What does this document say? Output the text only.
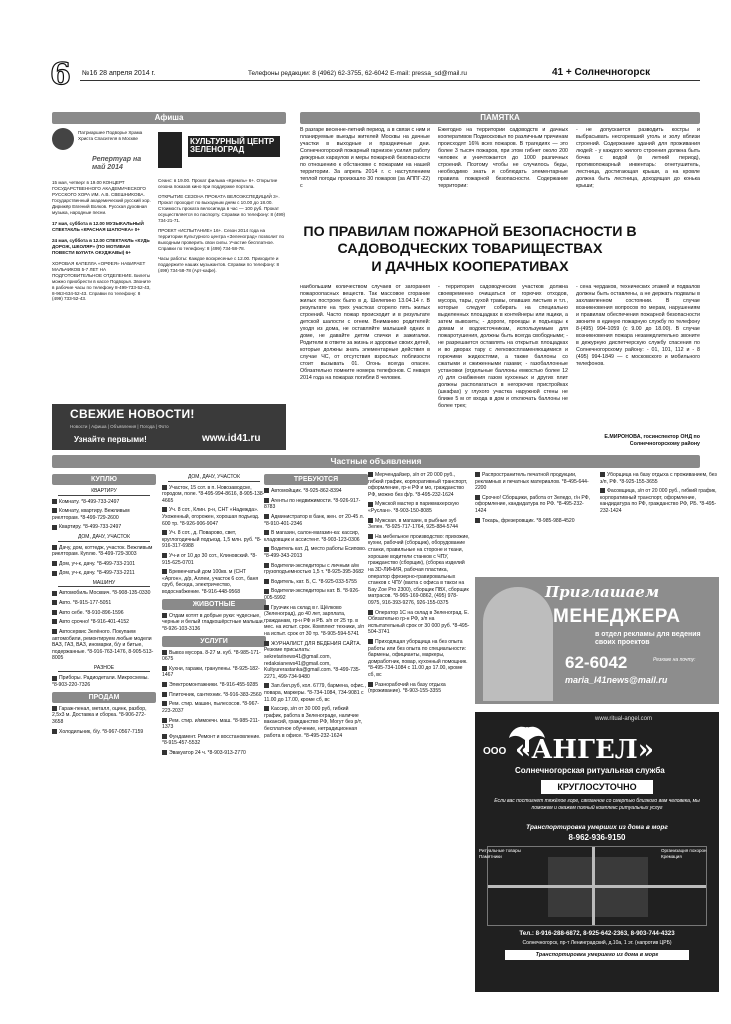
6 №16 28 апреля 2014 г.	Телефоны редакции: 8 (4962) 62-3755, 62-6042 E-mail: pressa_sd@mail.ru	41 + Солнечногорск
Афиша
Патриаршее Подворье Храма Христа Спасителя в Москве
Репертуар на май 2014

15 мая, четверг в 19.00 КОНЦЕРТ ГОСУДАРСТВЕННОГО АКАДЕМИЧЕСКОГО РУССКОГО ХОРА ИМ. А.В. СВЕШНИКОВА. Государственный академический русский хор. Дирижёр Евгений Волков. Русская духовная музыка, народные песни.

17 мая, суббота в 12.00 МУЗЫКАЛЬНЫЙ СПЕКТАКЛЬ «КРАСНАЯ ШАПОЧКА» 0+

24 мая, суббота в 12.00 СПЕКТАКЛЬ «КУДЬ ДОРОЖ, ШКОЛЯР» (ПО МОТИВАМ ПОВЕСТИ БУЛАТА ОКУДЖАВЫ) 6+

ХОРОВАЯ КАПЕЛЛА «ОРФЕЯ» НАБИРАЕТ МАЛЬЧИКОВ 5-7 ЛЕТ НА ПОДГОТОВИТЕЛЬНОЕ ОТДЕЛЕНИЕ. Билеты можно приобрести в кассе Подворья. Звоните в рабочие часы по телефону 8-499-733-52-43, 8-963-634-52-43. Справки по телефону: 8 (499) 733-52-43.

КУЛЬТУРНЫЙ ЦЕНТР ЗЕЛЕНОГРАД

Сеанс: в 19.00. Прокат фильма «Кремль» 6+. Открытие сезона показов кино при поддержке портала.

ОТКРЫТИЕ СЕЗОНА ПРОКАТА ВЕЛОЭКСПЕДИЦИЙ 3+. Прокат проходит по выходным дням с 10.00 до 18.00. Стоимость прокатa велосипеда в час — 100 руб. Прокат осуществляется по паспорту. Справки по телефону: 8 (499) 734-21-71.

ПРОЕКТ «ИСПЫТАНИЕ» 16+. Сезон 2014 года на территории Культурного центра «Зеленоград» позволит по выходным проверить свои силы. Участие бесплатное. Справки по телефону: 8 (499) 734-58-78.

Часы работы: Каждое воскресенье с 12.00. Приходите и поддержите наших музыкантов. Справки по телефону: 8 (499) 734-58-78 (Арт-кафе).

СВЕЖИЕ НОВОСТИ!
Новости | Афиша | Объявления | Погода | Фото
Узнайте первыми!	www.id41.ru
ПАМЯТКА
В разгаре весенне-летний период, а в связи с ним и планируемые выезды жителей Москвы на дачные участки в выходные и праздничные дни. Солнечногорский пожарный гарнизон усилил работу дежурных караулов и меры пожарной безопасности по отношению к обстановке с пожарами на нашей территории. За апрель 2014 г. с наступлением теплой погоды произошло 30 пожаров (за АППГ-22) с
Ежегодно на территории садоводств и дачных кооперативов Подмосковья по различным причинам происходят 16% всех пожаров. В трагедиях — это более 3 тысяч пожаров, при этом гибнет около 200 человек и уничтожается до 1000 различных строений. Поэтому чтобы не случилось беды, необходимо знать и соблюдать элементарные правила пожарной безопасности. Содержание территории:
- не допускается разводить костры и выбрасывать несгоревший уголь и золу вблизи строений. Содержание зданий для проживания людей: - у каждого жилого строения должна быть бочка с водой (в летний период), противопожарный инвентарь: огнетушитель, лестница, достигающая крыши, а на кровле должна быть лестница, доходящая до конька крыши;
ПО ПРАВИЛАМ ПОЖАРНОЙ БЕЗОПАСНОСТИ В
САДОВОДЧЕСКИХ ТОВАРИЩЕСТВАХ
И ДАЧНЫХ КООПЕРАТИВАХ
наибольшим количеством случаев от загорания пожароопасных веществ. Так массовое сгорание жилых построек было в д. Шелепино 13.04.14 г. В результате на трех участках сгорело пять жилых строений. Часто пожар происходит и в результате детской шалости с огнем. Вниманию родителей: уходя из дома, не оставляйте малышей одних в доме, не давайте детям спички и зажигалки. Родители в ответе за жизнь и здоровье своих детей, которые должны знать элементарные действия в случае ЧС, от отсутствия взрослых поблизости стоит вызывать 01. Огонь всегда опасен. Обязательно помните номера телефонов. С января 2014 года на пожарах погибли 8 человек.
- территория садоводческих участков должна своевременно очищаться от горючих отходов, мусора, тары, сухой травы, опавших листьев и т.п., которые следует собирать на специально выделенных площадках в контейнеры или ящики, а затем вывозить; - дороги, проезды и подъезды к домам и водоисточникам, используемым для пожаротушения, должны быть всегда свободными; - не разрешается оставлять на открытых площадках и во дворах тару с легковоспламеняющимися и горючими жидкостями, а также баллоны со сжатыми и сжиженными газами; - газобаллонные установки (отдельные баллоны емкостью более 12 л) для снабжения газом кухонных и других плит должны располагаться в негорючих пристройках (шкафах) у глухого участка наружной стены не ближе 5 м от входа в дом и отключать баллоны не более трех;
- сена чердаков, технических этажей и подвалов должны быть оставлены, а не держать подвалы в захламленном состоянии. В случае возникновения вопросов по мерам, нарушениям и правилам обеспечения пожарной безопасности звоните в единую пожарную службу по телефону 8-(495) 994-1059 (с 9.00 до 18.00). В случае возникновения пожара незамедлительно звоните в дежурную диспетчерскую службу спасения по Солнечногорскому району: - 01, 101, 112 и - 8 (495) 994-1849 — с московского и мобильного телефонов.
Е.МИРОНОВА, госинспектор ОНД по Солнечногорскому району
Частные объявления
КУПЛЮ
КВАРТИРУ
Комнату. *8-499-733-2497
Комнату, квартиру. Вежливым риелторам. *8-499-729-2600
Квартиру. *8-499-733-2497
ДОМ, ДАЧУ, УЧАСТОК
Дачу, дом, коттедж, участок. Вежливым риелторам. Куплю. *8-499-729-3003
Дом, уч-к, дачу. *8-499-733-2101
Дом, уч-к, дачу. *8-499-733-2211
МАШИНУ
Автомобиль Москвич. *8-908-135-0330
Авто. *8-915-177-5051
Авто себе. *8-910-896-1596
Авто срочно! *8-916-401-4152
Автосервис Зелёного. Покупаем автомобили, ремонтируем любые модели ВАЗ, ГАЗ, ВАЗ, иномарки, б/у и битые, подержанные. *8-916-763-1476, 8-905-513-8005
РАЗНОЕ
Приборы. Радиодетали. Микросхемы. *8-903-220-7326
ПРОДАМ
Гараж-пенал, металл, оцинк, разбор, 2,5х3 м. Доставка и сборка. *8-906-272-3658
Холодильник, б/у. *8-967-0567-7159
ДОМ, ДАЧУ, УЧАСТОК
Участок, 15 сот. в п. Новозаводске, городом, поле. *8-495-994-8616, 8-905-138-4665
Уч. 8 сот., Клин. р-н, СНТ «Надежда». Ухоженный, огорожен, хорошая подъезд. 600 тр. *8-926-906-9047
Уч. 8 сот., д. Поварово, свет, круглогодичный подъезд. 1,5 млн. руб. *8-916-317-6988
Уч-и от 10 до 30 сот., Клиновский. *8-915-625-0701
Бревенчатый дом 100кв. м (СНТ «Аргон», д/р, Аллеи, участок 6 сот., баня сруб, беседа, электричество, водоснабжение. *8-916-448-9568
ЖИВОТНЫЕ
Отдам котят в добрые руки: чудесные, черные и белый гладкошёрстные малыши. *8-926-103-3136
УСЛУГИ
Вывоз мусора. 8-27 м. куб. *8-985-171-0675
Кухни, гаражи, гранулены. *8-925-182-1467
Электромонтажники. *8-916-455-9285
Плиточник, сантехник. *8-916-383-2560
Рем. стир. машин, пылесосов. *8-967-223-2037
Рем. стир. и/ммоечн. маш. *8-985-211-1373
Фундамент. Ремонт и восстановление. *8-915-457-5532
Эвакуатор 24 ч. *8-903-913-2770
ТРЕБУЮТСЯ
Автомойщик. *8-925-862-8394
Агенты по недвижимости. *8-926-917-8783
Администратор в банк, жен. от 20-45 л. *8-910-401-2346
В магазин, салон-магазин-ка: кассир, кладовщик и ассистент. *8-903-123-0306
Водитель кат. Д, место работы Есипово. *8-499-343-2013
Водители-экспедиторы с личным а/м грузоподъемностью 1,5 т. *8-925-395-3682
Водитель, кат. Б, С. *8-925-033-5755
Водители-экспедиторы кат. В. *8-926-005-5992
Грузчик на склад в г. Щёлково (Зеленоград), до 40 лет, зарплата, гражданам, гр-н РФ и РБ. з/п от 25 тр. в мес. на испыт. срок. Комплект техники, з/п на испыт. срок от 30 тр. *8-905-594-5741
ЖУРНАЛИСТ ДЛЯ ВЕДЕНИЯ САЙТА. Резюме присылать: sekretarinews41@gmail.com, redaksianews41@gmail.com, Kultyurerastanka@gmail.com. *8-499-735-2271, 499-734-9480
Зап.бил.руб, кол. 6779, бармена, офис., повара, маркеры. *8-734-1084, 734-9081 с 11.00 до 17.00, кроме сб, вс
Кассир, з/п от 30 000 руб, гибкий график, работа в Зеленограде, наличие вакансий, гражданство РФ, Могут без р/т, бесплатное обучение, нетрадиционная работа в офисе. *8-495-232-1624
Мерчендайзер, з/п от 20 000 руб., гибкий график, корпоративный транспорт, оформление, гр-н РФ и мо, гражданство РФ, можно без ф/р. *8-495-232-1624
Мужской мастер в парикмахерскую «Руслан». *8-903-150-8085
Мужская. в магазин, в рыбные зуб Зелен. *8-925-717-1764, 925-884-5744
На мебельное производство: прихожие, кухни, рабочий (сборщик), оборудование станки, правильные на стороне и ткани, хорошие водители станков с ЧПУ, гражданство (сборщик), (сборка изделий на 3D-ЛИНИЯ, рабочая пластика, оператор фрезерно-гравировальных станков с ЧПУ (вахта с офиса в такси на Бау Zoe Pro 2300), сборщик ПВХ, сборщик матрасов. *8-965-169-0862, (495) 978-0975, 916-393-9276, 926-155-0375
Оператор 1С на склад в Зеленоград. Е. Обязательно гр-н РФ, з/п на испытательный срок от 30 000 руб. *8-495-504-3741
Приходящая уборщица на без опыта работы или без опыта по специальности: бармены, официанты, маркеры, домработник, повар, кухонный помощник. *8-495-734-1084 с 11.00 до 17.00, кроме сб, вс
Разнорабочий на базу отдыха (проживание). *8-903-155-3355
Распространитель печатной продукции, рекламных и печатных материалов. *8-495-644-2200
Срочно! Сборщики, работа от Зеледо, г/н РФ, оформление, кандидатура по РФ. *8-495-232-1424
Токарь, фрезеровщик. *8-985-988-4520
Уборщица на базу отдыха с проживанием, без з/п, РФ. *8-925-155-3655
Фасовщица, з/п от 20 000 руб., гибкий график, корпоративный транспорт, оформление, кандидатура по РФ, гражданство РФ, РБ. *8-495-232-1424
Приглашаем
МЕНЕДЖЕРА
в отдел рекламы для ведения своих проектов
62-6042	Резюме на почту:
maria_l41news@mail.ru
www.ritual-angel.com
ООО «АНГЕЛ»
Солнечногорская ритуальная служба
КРУГЛОСУТОЧНО
Если вас постигнет тяжёлое горе, связанное со смертью близкого вам человека, мы поможем и окажем полный комплекс ритуальных услуг
Транспортировка умерших из дома в морг
8-962-936-9150
Ритуальные товары
Памятники
Организация похорон
Кремация
Тел.: 8-916-288-6872, 8-925-642-2363, 8-903-744-4323
Солнечногорск, пр-т Ленинградский, д.10а, 1 эт. (напротив ЦРБ)
Транспортировка умершего из дома в морг
